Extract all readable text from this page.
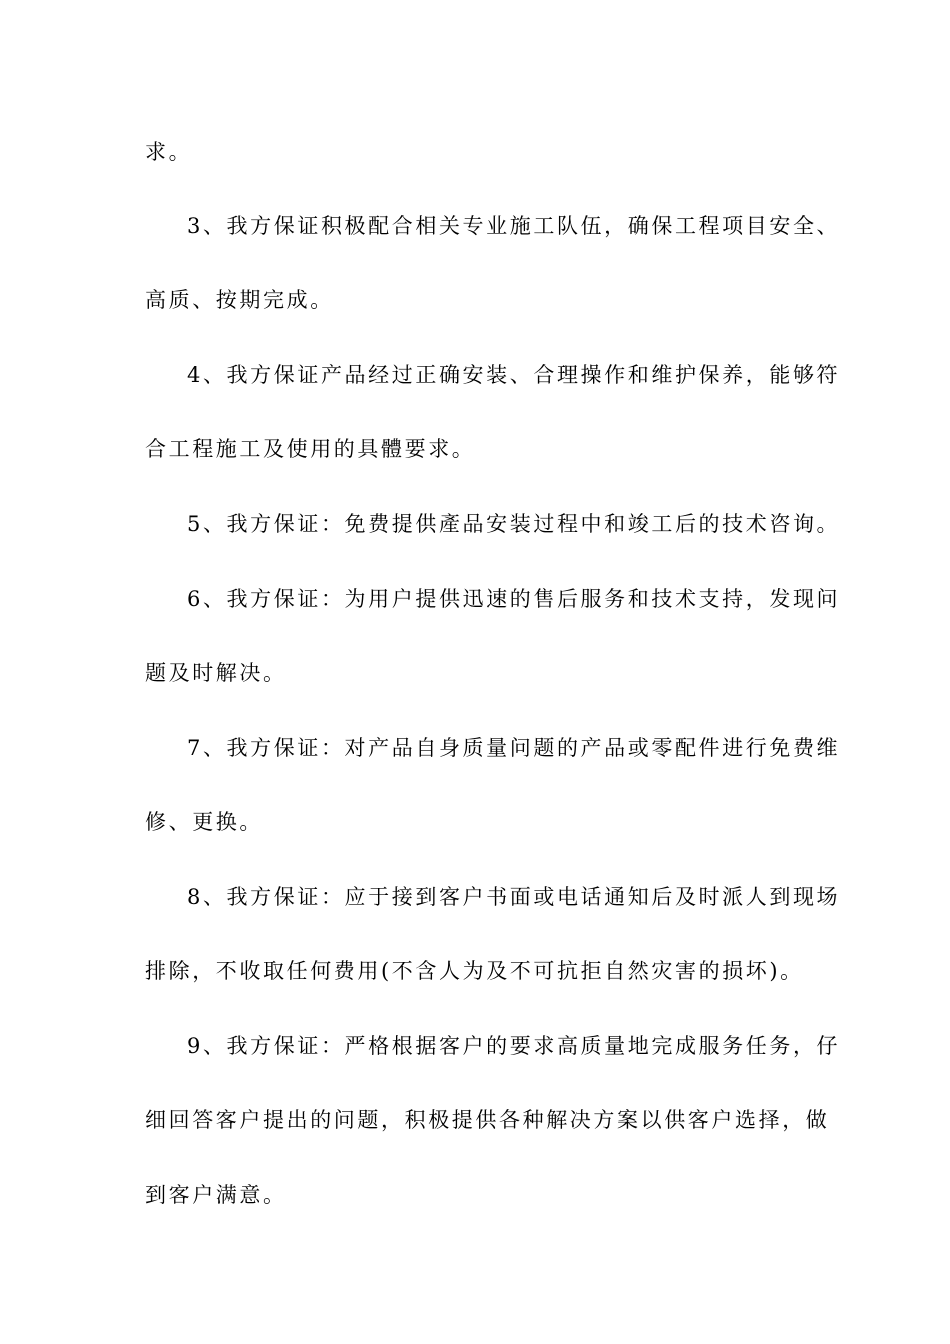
求。
3、我方保证积极配合相关专业施工队伍，确保工程项目安全、
高质、按期完成。
4、我方保证产品经过正确安装、合理操作和维护保养，能够符
合工程施工及使用的具體要求。
5、我方保证：免费提供產品安装过程中和竣工后的技术咨询。
6、我方保证：为用户提供迅速的售后服务和技术支持，发现问
题及时解决。
7、我方保证：对产品自身质量问题的产品或零配件进行免费维
修、更换。
8、我方保证：应于接到客户书面或电话通知后及时派人到现场
排除，不收取任何费用(不含人为及不可抗拒自然灾害的损坏)。
9、我方保证：严格根据客户的要求高质量地完成服务任务，仔
细回答客户提出的问题，积极提供各种解决方案以供客户选择，做
到客户满意。
